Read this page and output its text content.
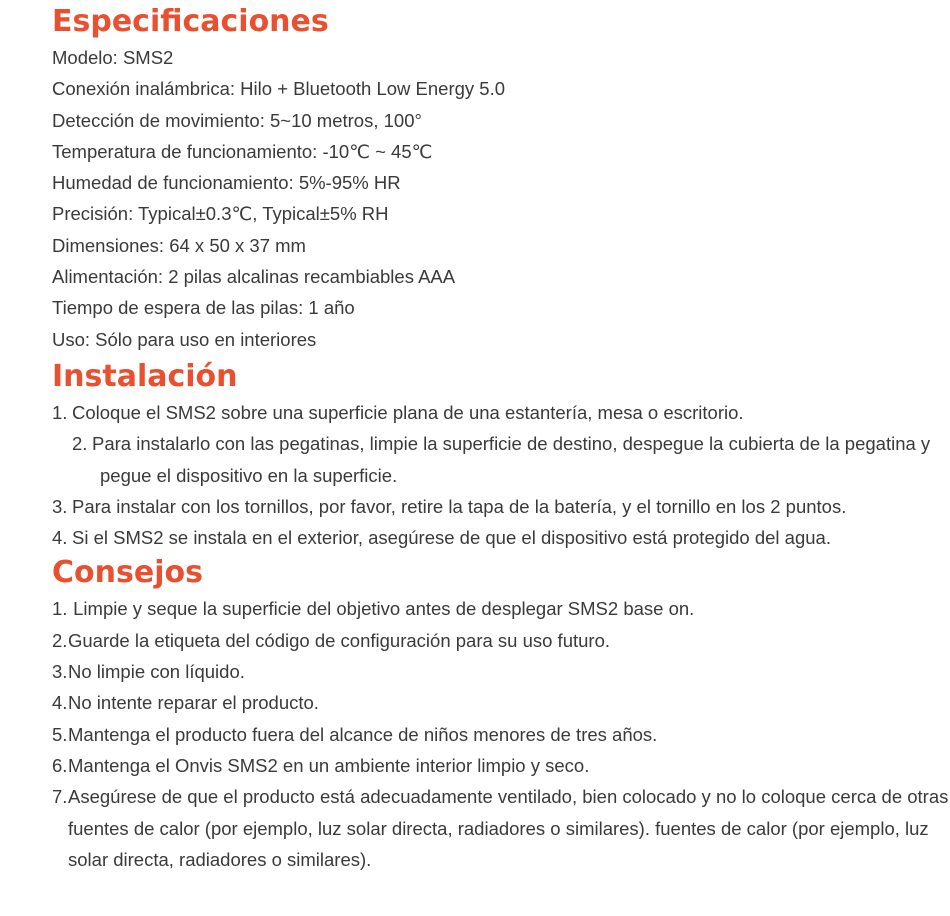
Especificaciones
Modelo: SMS2
Conexión inalámbrica: Hilo + Bluetooth Low Energy 5.0
Detección de movimiento: 5~10 metros, 100°
Temperatura de funcionamiento: -10℃ ~ 45℃
Humedad de funcionamiento: 5%-95% HR
Precisión: Typical±0.3℃, Typical±5% RH
Dimensiones: 64 x 50 x 37 mm
Alimentación: 2 pilas alcalinas recambiables AAA
Tiempo de espera de las pilas: 1 año
Uso: Sólo para uso en interiores
Instalación
1. Coloque el SMS2 sobre una superficie plana de una estantería, mesa o escritorio.
2. Para instalarlo con las pegatinas, limpie la superficie de destino, despegue la cubierta de la pegatina y pegue el dispositivo en la superficie.
3. Para instalar con los tornillos, por favor, retire la tapa de la batería, y el tornillo en los 2 puntos.
4. Si el SMS2 se instala en el exterior, asegúrese de que el dispositivo está protegido del agua.
Consejos
1. Limpie y seque la superficie del objetivo antes de desplegar SMS2 base on.
2.Guarde la etiqueta del código de configuración para su uso futuro.
3.No limpie con líquido.
4.No intente reparar el producto.
5.Mantenga el producto fuera del alcance de niños menores de tres años.
6.Mantenga el Onvis SMS2 en un ambiente interior limpio y seco.
7.Asegúrese de que el producto está adecuadamente ventilado, bien colocado y no lo coloque cerca de otras fuentes de calor (por ejemplo, luz solar directa, radiadores o similares). fuentes de calor (por ejemplo, luz solar directa, radiadores o similares).
